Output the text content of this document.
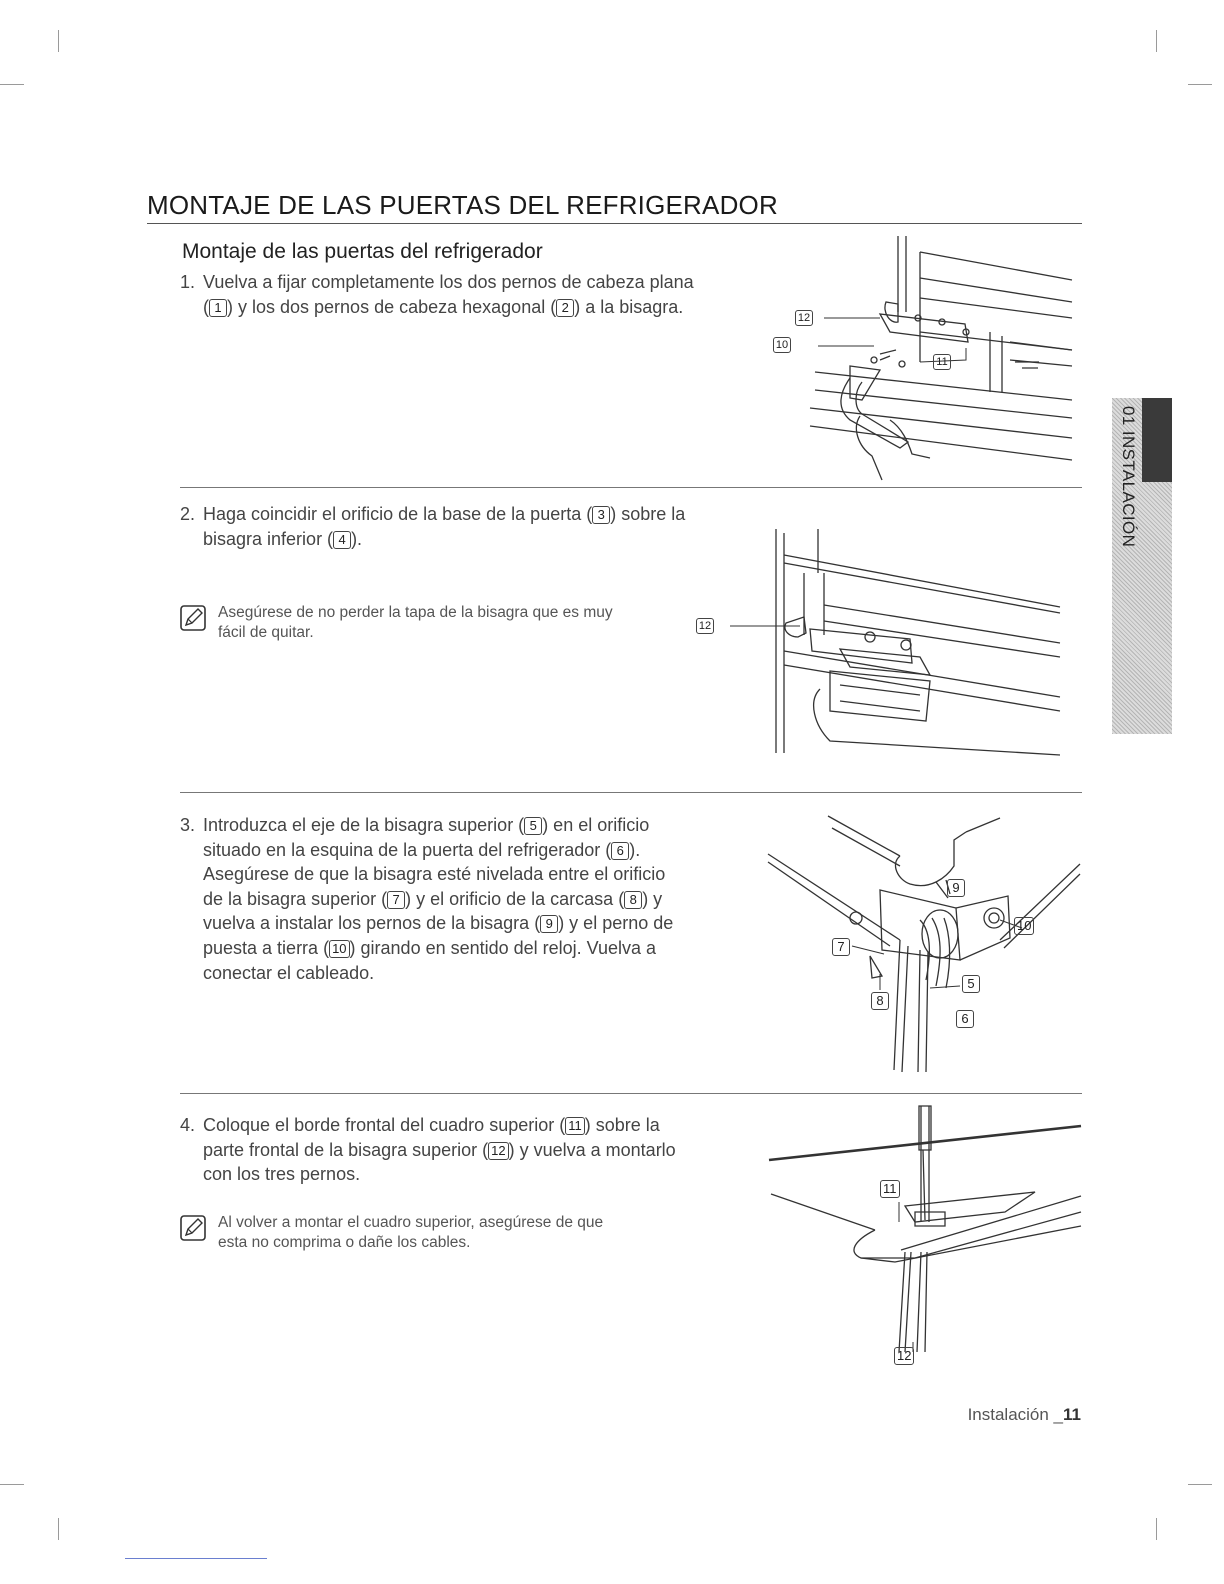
MONTAJE DE LAS PUERTAS DEL REFRIGERADOR
Montaje de las puertas del refrigerador
1. Vuelva a fijar completamente los dos pernos de cabeza plana ( 1 ) y los dos pernos de cabeza hexagonal ( 2 ) a la bisagra.
2. Haga coincidir el orificio de la base de la puerta ( 3 ) sobre la bisagra inferior ( 4 ).
3. Introduzca el eje de la bisagra superior ( 5 ) en el orificio situado en la esquina de la puerta del refrigerador ( 6 ). Asegúrese de que la bisagra esté nivelada entre el orificio de la bisagra superior ( 7 ) y el orificio de la carcasa ( 8 ) y vuelva a instalar los pernos de la bisagra ( 9 ) y el perno de puesta a tierra ( 10 ) girando en sentido del reloj. Vuelva a conectar el cableado.
4. Coloque el borde frontal del cuadro superior ( 11 ) sobre la parte frontal de la bisagra superior ( 12 ) y vuelva a montarlo con los tres pernos.
Asegúrese de no perder la tapa de la bisagra que es muy fácil de quitar.
Al volver a montar el cuadro superior, asegúrese de que esta no comprima o dañe los cables.
12
10
11
12
9
10
7
5
8
6
11
12
01 INSTALACIÓN
Instalación _11
